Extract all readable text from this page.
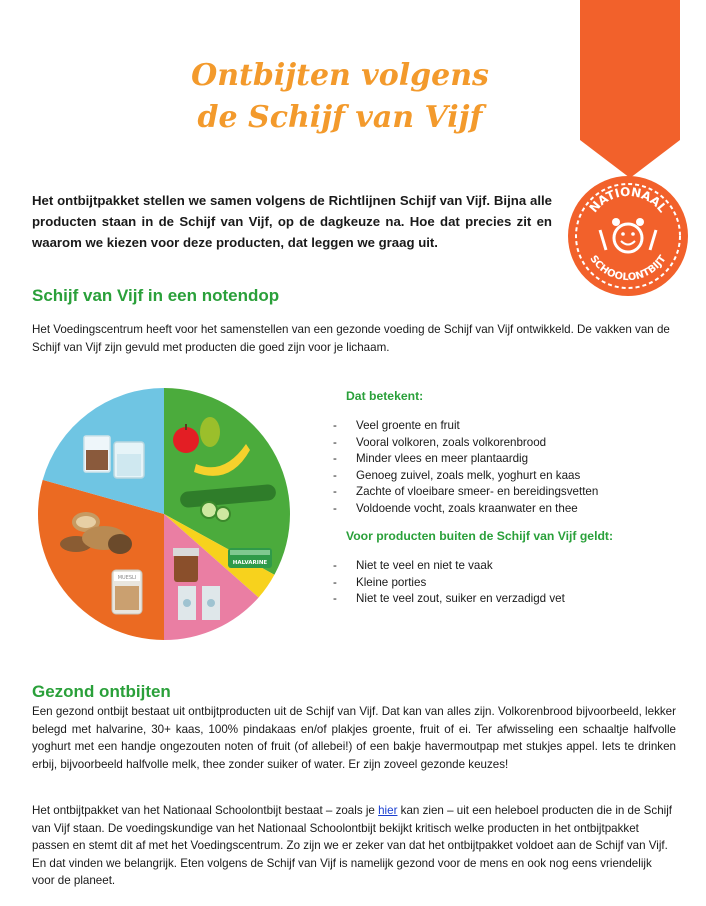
Ontbijten volgens
de Schijf van Vijf
NATIONAAL
SCHOOLONTBIJT
Het ontbijtpakket stellen we samen volgens de Richtlijnen Schijf van Vijf. Bijna alle producten staan in de Schijf van Vijf, op de dagkeuze na. Hoe dat precies zit en waarom we kiezen voor deze producten, dat leggen we graag uit.
Schijf van Vijf in een notendop
Het Voedingscentrum heeft voor het samenstellen van een gezonde voeding de Schijf van Vijf ontwikkeld. De vakken van de Schijf van Vijf zijn gevuld met producten die goed zijn voor je lichaam.
HALVARINE
MUESLI
Dat betekent:
- Veel groente en fruit
- Vooral volkoren, zoals volkorenbrood
- Minder vlees en meer plantaardig
- Genoeg zuivel, zoals melk, yoghurt en kaas
- Zachte of vloeibare smeer- en bereidingsvetten
- Voldoende vocht, zoals kraanwater en thee
Voor producten buiten de Schijf van Vijf geldt:
- Niet te veel en niet te vaak
- Kleine porties
- Niet te veel zout, suiker en verzadigd vet
Gezond ontbijten
Een gezond ontbijt bestaat uit ontbijtproducten uit de Schijf van Vijf. Dat kan van alles zijn. Volkorenbrood bijvoorbeeld, lekker belegd met halvarine, 30+ kaas, 100% pindakaas en/of plakjes groente, fruit of ei. Ter afwisseling een schaaltje halfvolle yoghurt met een handje ongezouten noten of fruit (of allebei!) of een bakje havermoutpap met stukjes appel. Iets te drinken erbij, bijvoorbeeld halfvolle melk, thee zonder suiker of water. Er zijn zoveel gezonde keuzes!
Het ontbijtpakket van het Nationaal Schoolontbijt bestaat – zoals je hier kan zien – uit een heleboel producten die in de Schijf van Vijf staan. De voedingskundige van het Nationaal Schoolontbijt bekijkt kritisch welke producten in het ontbijtpakket passen en stemt dit af met het Voedingscentrum. Zo zijn we er zeker van dat het ontbijtpakket voldoet aan de Schijf van Vijf. En dat vinden we belangrijk. Eten volgens de Schijf van Vijf is namelijk gezond voor de mens en ook nog eens vriendelijk voor de planeet.
